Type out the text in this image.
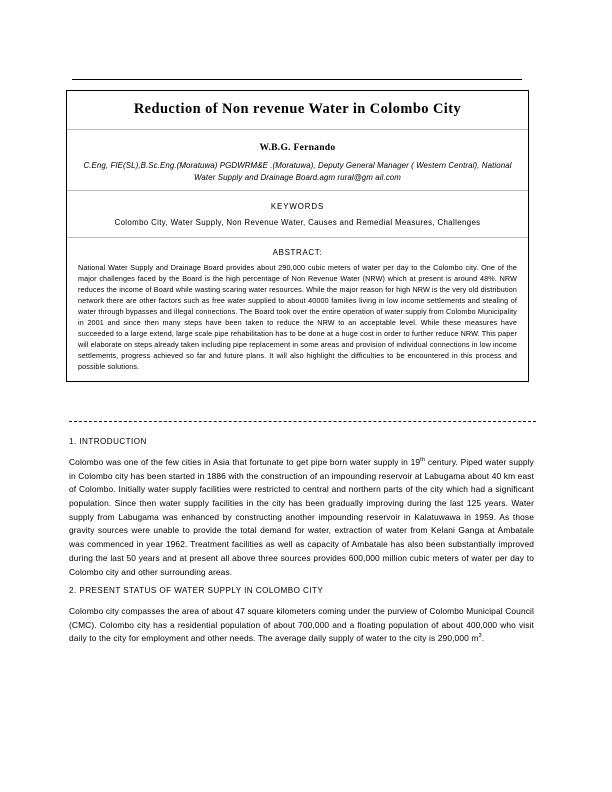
Reduction of Non revenue Water in Colombo City
W.B.G. Fernando
C.Eng, FIE(SL),B.Sc.Eng.(Moratuwa) PGDWRM&E .(Moratuwa), Deputy General Manager ( Western Central), National Water Supply and Drainage Board.agm rural@gm ail.com
KEYWORDS
Colombo City, Water Supply, Non Revenue Water, Causes and Remedial Measures, Challenges
ABSTRACT:
National Water Supply and Drainage Board provides about 290,000 cubic meters of water per day to the Colombo city. One of the major challenges faced by the Board is the high percentage of Non Revenue Water (NRW) which at present is around 48%. NRW reduces the income of Board while wasting scaring water resources. While the major reason for high NRW is the very old distribution network there are other factors such as free water supplied to about 40000 families living in low income settlements and stealing of water through bypasses and illegal connections. The Board took over the entire operation of water supply from Colombo Municipality in 2001 and since then many steps have been taken to reduce the NRW to an acceptable level. While these measures have succeeded to a large extend, large scale pipe rehabilitation has to be done at a huge cost in order to further reduce NRW. This paper will elaborate on steps already taken including pipe replacement in some areas and provision of individual connections in low income settlements, progress achieved so far and future plans. It will also highlight the difficulties to be encountered in this process and possible solutions.
1. INTRODUCTION
Colombo was one of the few cities in Asia that fortunate to get pipe born water supply in 19th century. Piped water supply in Colombo city has been started in 1886 with the construction of an impounding reservoir at Labugama about 40 km east of Colombo. Initially water supply facilities were restricted to central and northern parts of the city which had a significant population. Since then water supply facilities in the city has been gradually improving during the last 125 years. Water supply from Labugama was enhanced by constructing another impounding reservoir in Kalatuwawa in 1959. As those gravity sources were unable to provide the total demand for water, extraction of water from Kelani Ganga at Ambatale was commenced in year 1962. Treatment facilities as well as capacity of Ambatale has also been substantially improved during the last 50 years and at present all above three sources provides 600,000 million cubic meters of water per day to Colombo city and other surrounding areas.
2. PRESENT STATUS OF WATER SUPPLY IN COLOMBO CITY
Colombo city compasses the area of about 47 square kilometers coming under the purview of Colombo Municipal Council (CMC). Colombo city has a residential population of about 700,000 and a floating population of about 400,000 who visit daily to the city for employment and other needs. The average daily supply of water to the city is 290,000 $m^3$.
